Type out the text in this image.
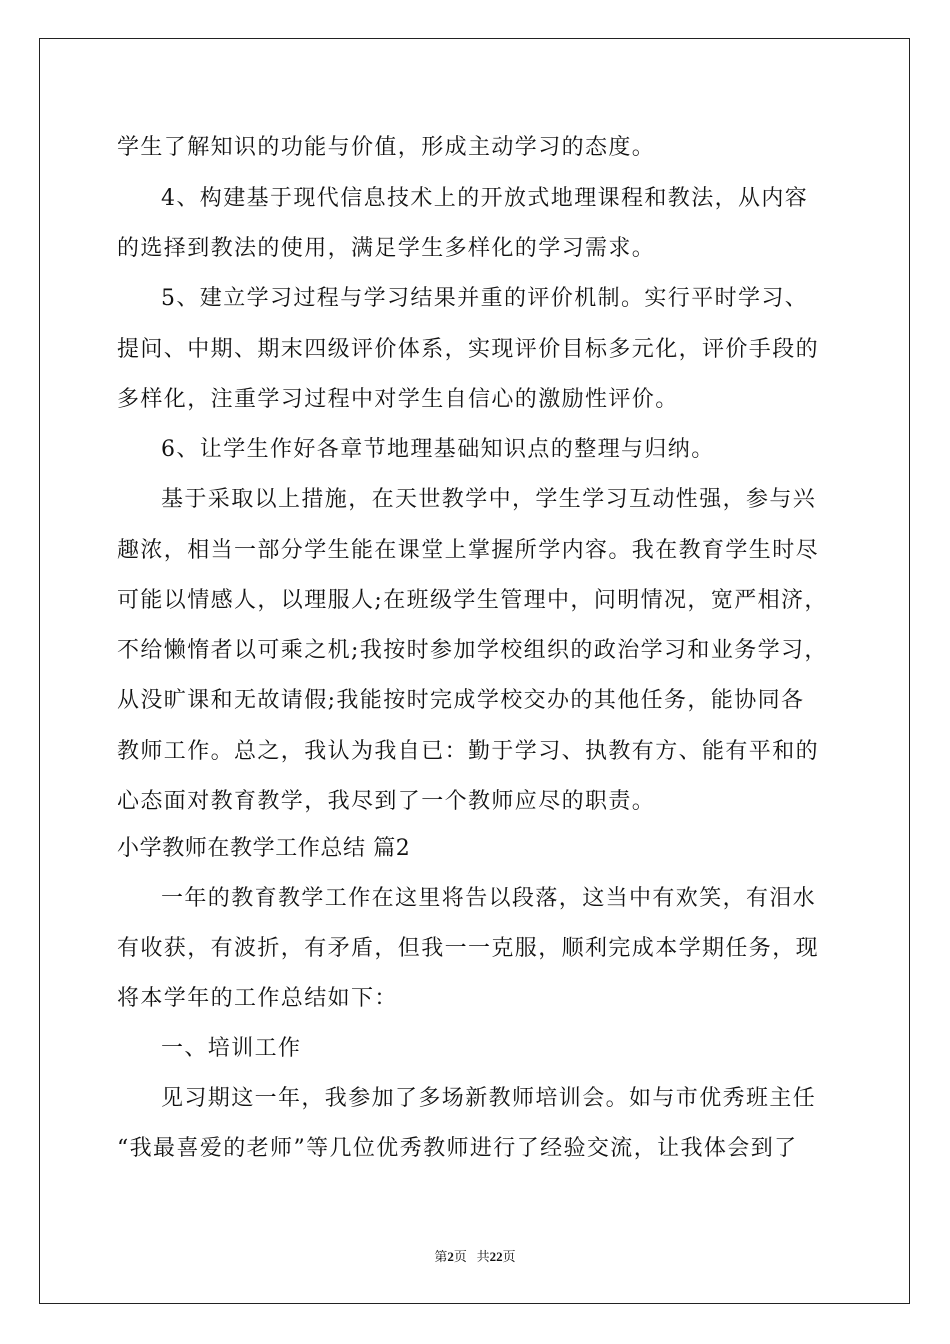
学生了解知识的功能与价值，形成主动学习的态度。
4、构建基于现代信息技术上的开放式地理课程和教法，从内容
的选择到教法的使用，满足学生多样化的学习需求。
5、建立学习过程与学习结果并重的评价机制。实行平时学习、
提问、中期、期末四级评价体系，实现评价目标多元化，评价手段的
多样化，注重学习过程中对学生自信心的激励性评价。
6、让学生作好各章节地理基础知识点的整理与归纳。
基于采取以上措施，在天世教学中，学生学习互动性强，参与兴
趣浓，相当一部分学生能在课堂上掌握所学内容。我在教育学生时尽
可能以情感人，以理服人;在班级学生管理中，问明情况，宽严相济，
不给懒惰者以可乘之机;我按时参加学校组织的政治学习和业务学习，
从没旷课和无故请假;我能按时完成学校交办的其他任务，能协同各
教师工作。总之，我认为我自已：勤于学习、执教有方、能有平和的
心态面对教育教学，我尽到了一个教师应尽的职责。
小学教师在教学工作总结 篇2
一年的教育教学工作在这里将告以段落，这当中有欢笑，有泪水
有收获，有波折，有矛盾，但我一一克服，顺利完成本学期任务，现
将本学年的工作总结如下：
一、培训工作
见习期这一年，我参加了多场新教师培训会。如与市优秀班主任
“我最喜爱的老师”等几位优秀教师进行了经验交流，让我体会到了
第2页 共22页
